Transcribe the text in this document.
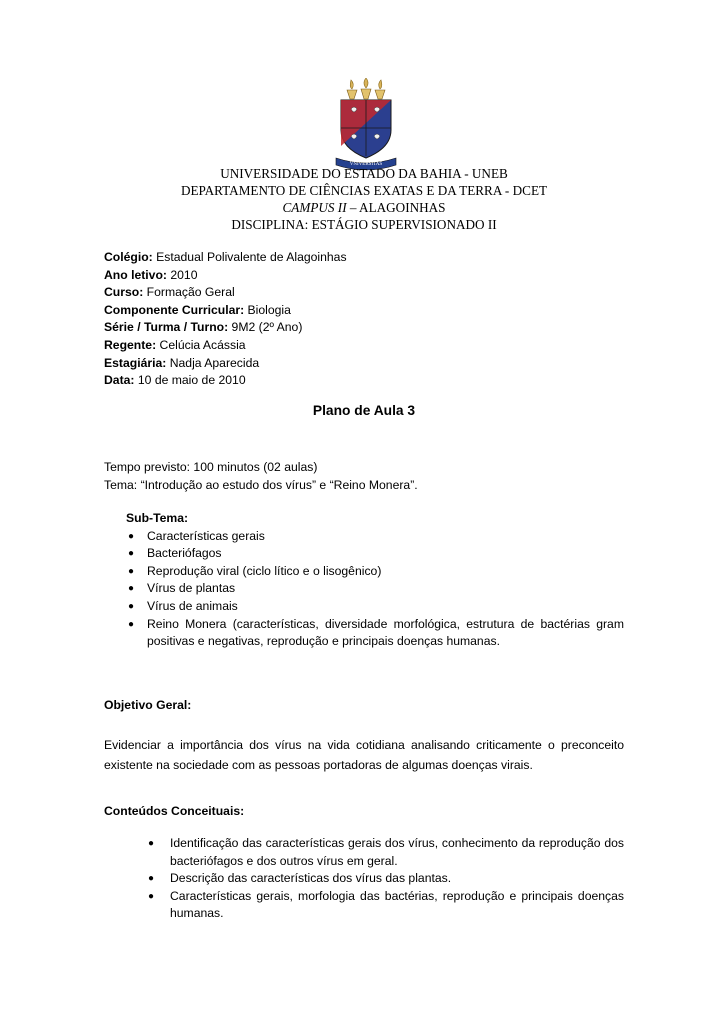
VNIVERSITAS
UNIVERSIDADE DO ESTADO DA BAHIA - UNEB
DEPARTAMENTO DE CIÊNCIAS EXATAS E DA TERRA - DCET
CAMPUS II – ALAGOINHAS
DISCIPLINA: ESTÁGIO SUPERVISIONADO II
Colégio: Estadual Polivalente de Alagoinhas
Ano letivo: 2010
Curso: Formação Geral
Componente Curricular: Biologia
Série / Turma / Turno: 9M2 (2º Ano)
Regente: Celúcia Acássia
Estagiária: Nadja Aparecida
Data: 10 de maio de 2010
Plano de Aula 3
Tempo previsto: 100 minutos (02 aulas)
Tema: “Introdução ao estudo dos vírus” e “Reino Monera”.
Sub-Tema:
● Características gerais
● Bacteriófagos
● Reprodução viral (ciclo lítico e o lisogênico)
● Vírus de plantas
● Vírus de animais
● Reino Monera (características, diversidade morfológica, estrutura de bactérias gram positivas e negativas, reprodução e principais doenças humanas.
Objetivo Geral:
Evidenciar a importância dos vírus na vida cotidiana analisando criticamente o preconceito existente na sociedade com as pessoas portadoras de algumas doenças virais.
Conteúdos Conceituais:
● Identificação das características gerais dos vírus, conhecimento da reprodução dos bacteriófagos e dos outros vírus em geral.
● Descrição das características dos vírus das plantas.
● Características gerais, morfologia das bactérias, reprodução e principais doenças humanas.
